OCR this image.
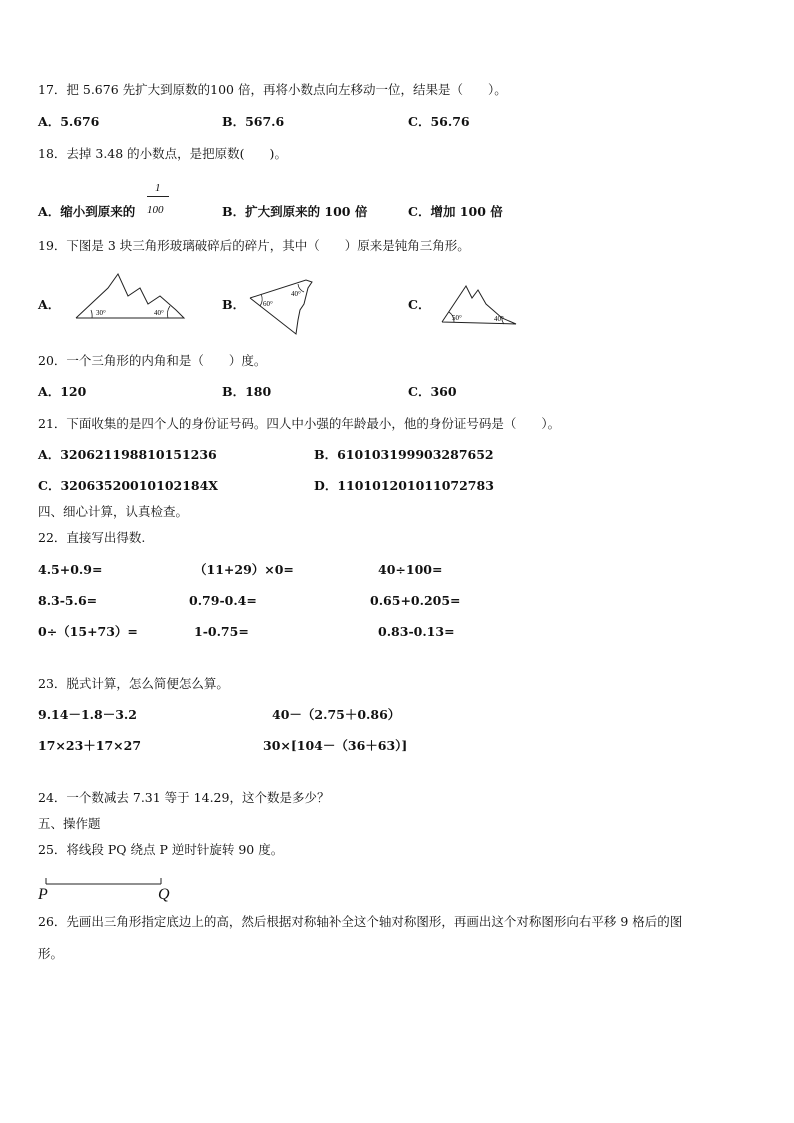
17．把 5.676 先扩大到原数的100 倍，再将小数点向左移动一位，结果是（　　）。
A．5.676	B．567.6	C．56.76
18．去掉 3.48 的小数点，是把原数(　　)。
A．缩小到原来的
1
100	B．扩大到原来的 100 倍	C．增加 100 倍
19．下图是 3 块三角形玻璃破碎后的碎片，其中（　　）原来是钝角三角形。
A．
30°	40°
B．	60°
40°
C．
50°	40°
20．一个三角形的内角和是（　　）度。
A．120	B．180	C．360
21．下面收集的是四个人的身份证号码。四人中小强的年龄最小，他的身份证号码是（　　）。
A．320621198810151236	B．610103199903287652
C．32063520010102184X	D．110101201011072783
四、细心计算，认真检查。
22．直接写出得数.
4.5+0.9=	（11+29）×0=	40÷100=
8.3-5.6=	0.79-0.4=	0.65+0.205=
0÷（15+73）=	1-0.75=	0.83-0.13=
23．脱式计算，怎么简便怎么算。
9.14－1.8－3.2	40－（2.75＋0.86）
17×23＋17×27	30×[104－（36＋63）]
24．一个数减去 7.31 等于 14.29，这个数是多少？
五、操作题
25．将线段 PQ 绕点 P 逆时针旋转 90 度。
P	Q
26．先画出三角形指定底边上的高，然后根据对称轴补全这个轴对称图形，再画出这个对称图形向右平移 9 格后的图
形。
